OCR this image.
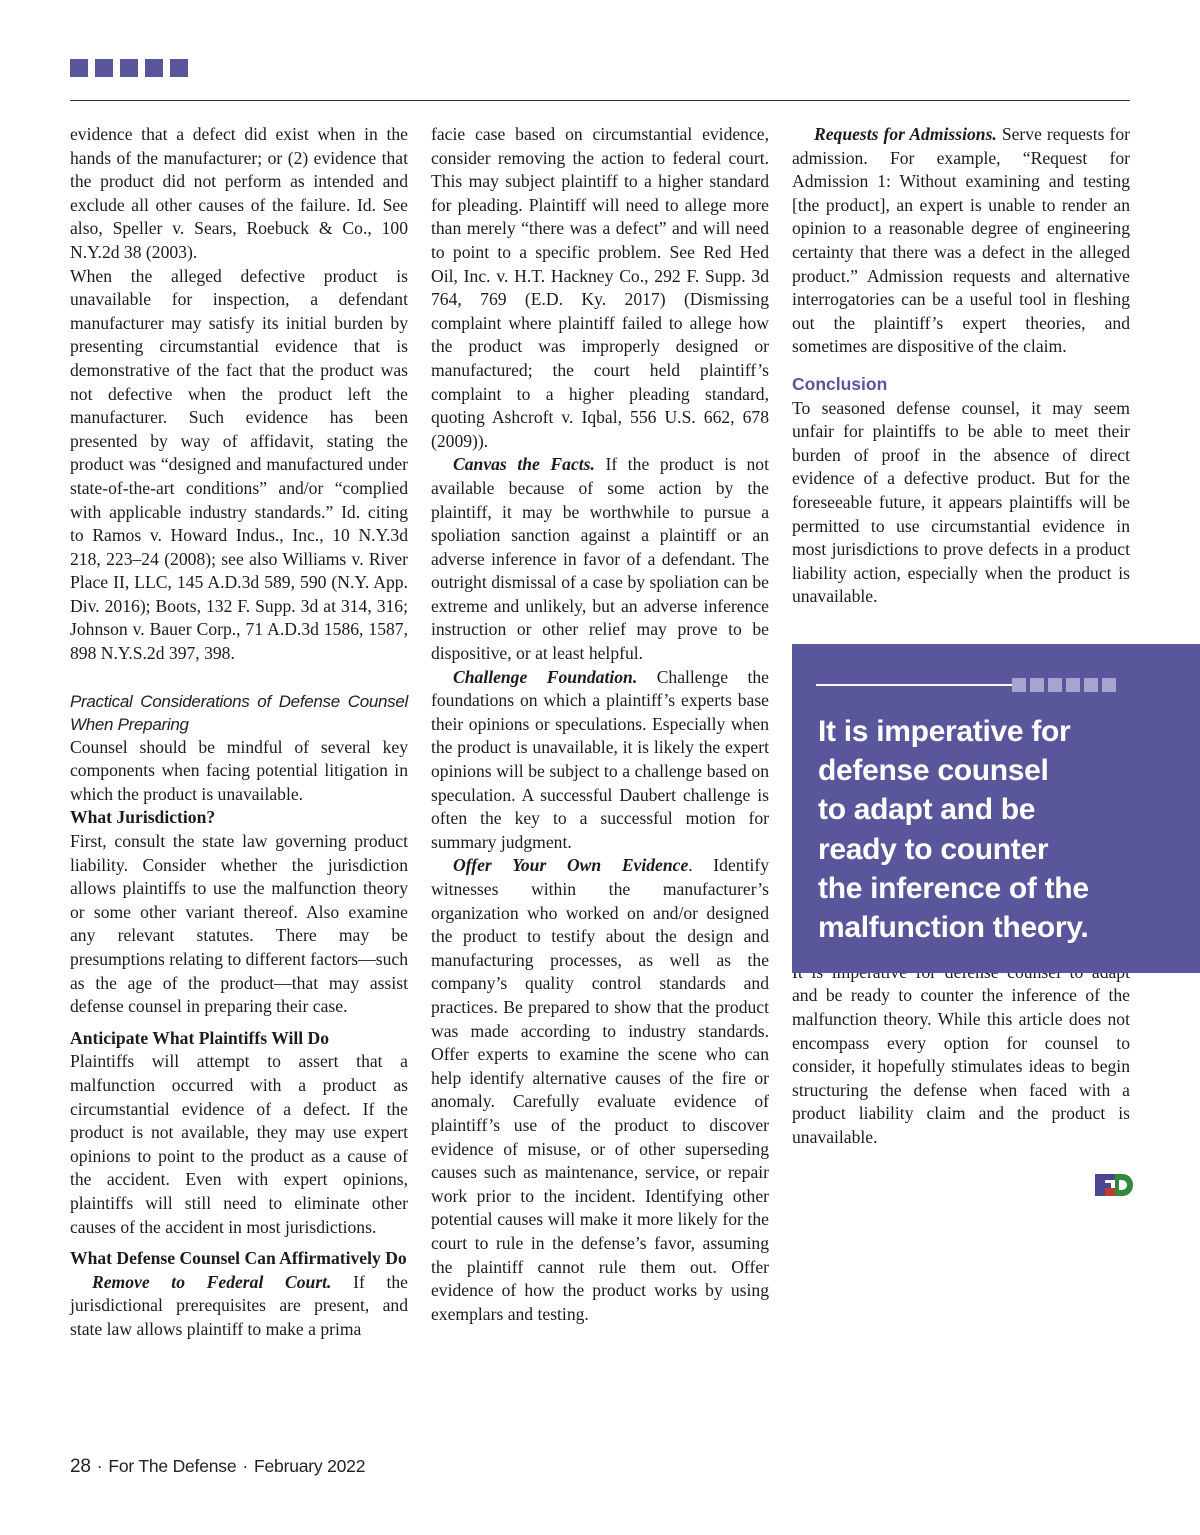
evidence that a defect did exist when in the hands of the manufacturer; or (2) evidence that the product did not perform as intended and exclude all other causes of the failure. Id. See also, Speller v. Sears, Roebuck & Co., 100 N.Y.2d 38 (2003).

When the alleged defective product is unavailable for inspection, a defendant manufacturer may satisfy its initial burden by presenting circumstantial evidence that is demonstrative of the fact that the product was not defective when the product left the manufacturer. Such evidence has been presented by way of affidavit, stating the product was “designed and manufactured under state-of-the-art conditions” and/or “complied with applicable industry standards.” Id. citing to Ramos v. Howard Indus., Inc., 10 N.Y.3d 218, 223–24 (2008); see also Williams v. River Place II, LLC, 145 A.D.3d 589, 590 (N.Y. App. Div. 2016); Boots, 132 F. Supp. 3d at 314, 316; Johnson v. Bauer Corp., 71 A.D.3d 1586, 1587, 898 N.Y.S.2d 397, 398.

Practical Considerations of Defense Counsel When Preparing

Counsel should be mindful of several key components when facing potential litigation in which the product is unavailable.

What Jurisdiction?

First, consult the state law governing product liability. Consider whether the jurisdiction allows plaintiffs to use the malfunction theory or some other variant thereof. Also examine any relevant statutes. There may be presumptions relating to different factors—such as the age of the product—that may assist defense counsel in preparing their case.

Anticipate What Plaintiffs Will Do

Plaintiffs will attempt to assert that a malfunction occurred with a product as circumstantial evidence of a defect. If the product is not available, they may use expert opinions to point to the product as a cause of the accident. Even with expert opinions, plaintiffs will still need to eliminate other causes of the accident in most jurisdictions.

What Defense Counsel Can Affirmatively Do

Remove to Federal Court. If the jurisdictional prerequisites are present, and state law allows plaintiff to make a prima

facie case based on circumstantial evidence, consider removing the action to federal court. This may subject plaintiff to a higher standard for pleading. Plaintiff will need to allege more than merely “there was a defect” and will need to point to a specific problem. See Red Hed Oil, Inc. v. H.T. Hackney Co., 292 F. Supp. 3d 764, 769 (E.D. Ky. 2017) (Dismissing complaint where plaintiff failed to allege how the product was improperly designed or manufactured; the court held plaintiff’s complaint to a higher pleading standard, quoting Ashcroft v. Iqbal, 556 U.S. 662, 678 (2009)).

Canvas the Facts. If the product is not available because of some action by the plaintiff, it may be worthwhile to pursue a spoliation sanction against a plaintiff or an adverse inference in favor of a defendant. The outright dismissal of a case by spoliation can be extreme and unlikely, but an adverse inference instruction or other relief may prove to be dispositive, or at least helpful.

Challenge Foundation. Challenge the foundations on which a plaintiff’s experts base their opinions or speculations. Especially when the product is unavailable, it is likely the expert opinions will be subject to a challenge based on speculation. A successful Daubert challenge is often the key to a successful motion for summary judgment.

Offer Your Own Evidence. Identify witnesses within the manufacturer’s organization who worked on and/or designed the product to testify about the design and manufacturing processes, as well as the company’s quality control standards and practices. Be prepared to show that the product was made according to industry standards. Offer experts to examine the scene who can help identify alternative causes of the fire or anomaly. Carefully evaluate evidence of plaintiff’s use of the product to discover evidence of misuse, or of other superseding causes such as maintenance, service, or repair work prior to the incident. Identifying other potential causes will make it more likely for the court to rule in the defense’s favor, assuming the plaintiff cannot rule them out. Offer evidence of how the product works by using exemplars and testing.

Requests for Admissions. Serve requests for admission. For example, “Request for Admission 1: Without examining and testing [the product], an expert is unable to render an opinion to a reasonable degree of engineering certainty that there was a defect in the alleged product.” Admission requests and alternative interrogatories can be a useful tool in fleshing out the plaintiff’s expert theories, and sometimes are dispositive of the claim.

Conclusion

To seasoned defense counsel, it may seem unfair for plaintiffs to be able to meet their burden of proof in the absence of direct evidence of a defective product. But for the foreseeable future, it appears plaintiffs will be permitted to use circumstantial evidence in most jurisdictions to prove defects in a product liability action, especially when the product is unavailable.

and be ready to counter the inference of the malfunction theory. While this article does not encompass every option for counsel to consider, it hopefully stimulates ideas to begin structuring the defense when faced with a product liability claim and the product is unavailable.

It is imperative for
defense counsel
to adapt and be
ready to counter
the inference of the
malfunction theory.
28 · For The Defense · February 2022
